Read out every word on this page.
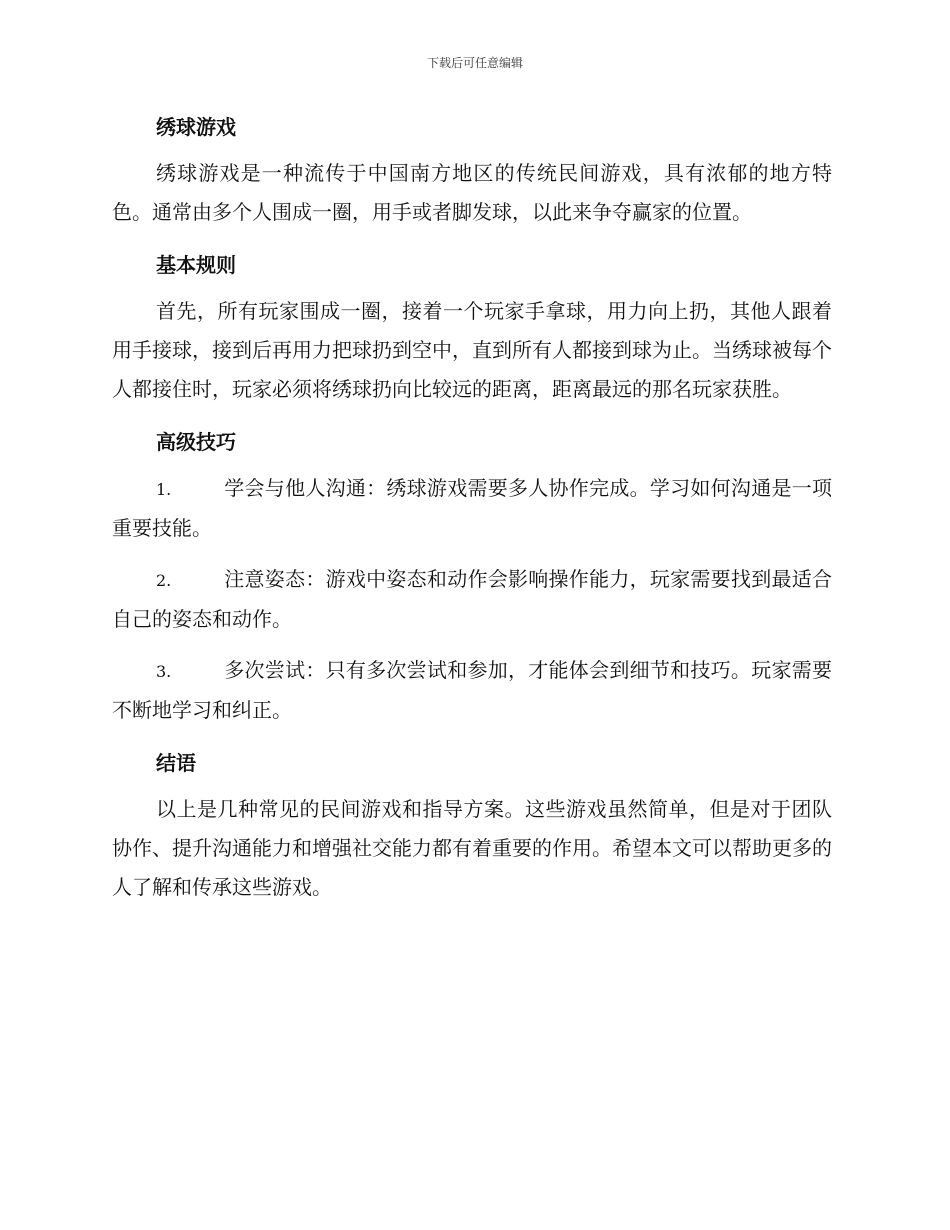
下载后可任意编辑
绣球游戏

绣球游戏是一种流传于中国南方地区的传统民间游戏，具有浓郁的地方特色。通常由多个人围成一圈，用手或者脚发球，以此来争夺赢家的位置。

基本规则

首先，所有玩家围成一圈，接着一个玩家手拿球，用力向上扔，其他人跟着用手接球，接到后再用力把球扔到空中，直到所有人都接到球为止。当绣球被每个人都接住时，玩家必须将绣球扔向比较远的距离，距离最远的那名玩家获胜。

高级技巧

1.	学会与他人沟通：绣球游戏需要多人协作完成。学习如何沟通是一项重要技能。

2.	注意姿态：游戏中姿态和动作会影响操作能力，玩家需要找到最适合自己的姿态和动作。

3.	多次尝试：只有多次尝试和参加，才能体会到细节和技巧。玩家需要不断地学习和纠正。

结语

以上是几种常见的民间游戏和指导方案。这些游戏虽然简单，但是对于团队协作、提升沟通能力和增强社交能力都有着重要的作用。希望本文可以帮助更多的人了解和传承这些游戏。
